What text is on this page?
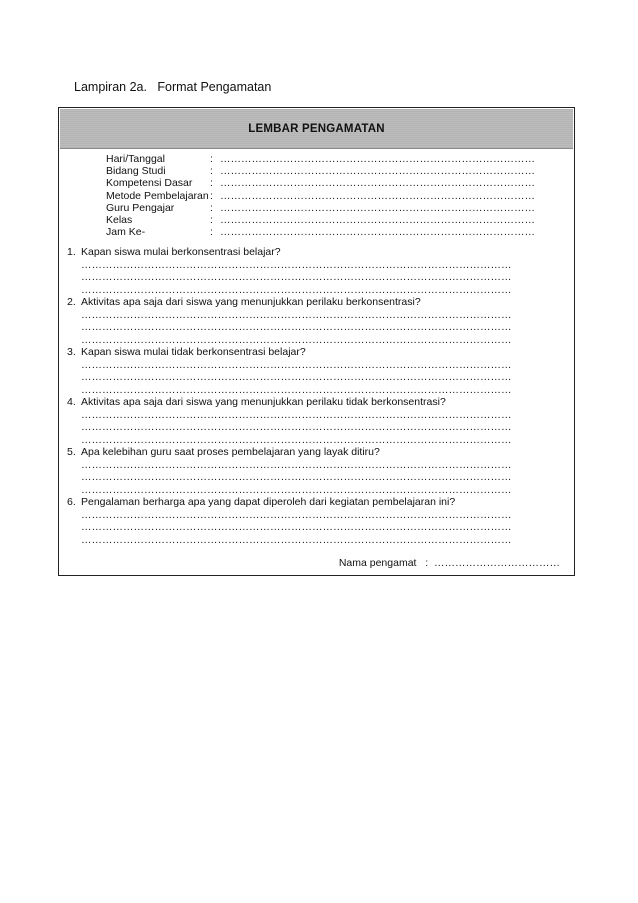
Lampiran 2a.   Format Pengamatan
LEMBAR PENGAMATAN
Hari/Tanggal	: ………………………………………………………………………………
Bidang Studi	: ………………………………………………………………………………
Kompetensi Dasar	: ………………………………………………………………………………
Metode Pembelajaran : ………………………………………………………………………………
Guru Pengajar	: ………………………………………………………………………………
Kelas	: ………………………………………………………………………………
Jam Ke-	: ………………………………………………………………………………
1. Kapan siswa mulai berkonsentrasi belajar?
……………………………………………………………………………………………………………
……………………………………………………………………………………………………………
……………………………………………………………………………………………………………
2. Aktivitas apa saja dari siswa yang menunjukkan perilaku berkonsentrasi?
……………………………………………………………………………………………………………
……………………………………………………………………………………………………………
……………………………………………………………………………………………………………
3. Kapan siswa mulai tidak berkonsentrasi belajar?
……………………………………………………………………………………………………………
……………………………………………………………………………………………………………
……………………………………………………………………………………………………………
4. Aktivitas apa saja dari siswa yang menunjukkan perilaku tidak berkonsentrasi?
……………………………………………………………………………………………………………
……………………………………………………………………………………………………………
……………………………………………………………………………………………………………
5. Apa kelebihan guru saat proses pembelajaran yang layak ditiru?
……………………………………………………………………………………………………………
……………………………………………………………………………………………………………
……………………………………………………………………………………………………………
6. Pengalaman berharga apa yang dapat diperoleh dari kegiatan pembelajaran ini?
……………………………………………………………………………………………………………
……………………………………………………………………………………………………………
……………………………………………………………………………………………………………
Nama pengamat : ………………………………
